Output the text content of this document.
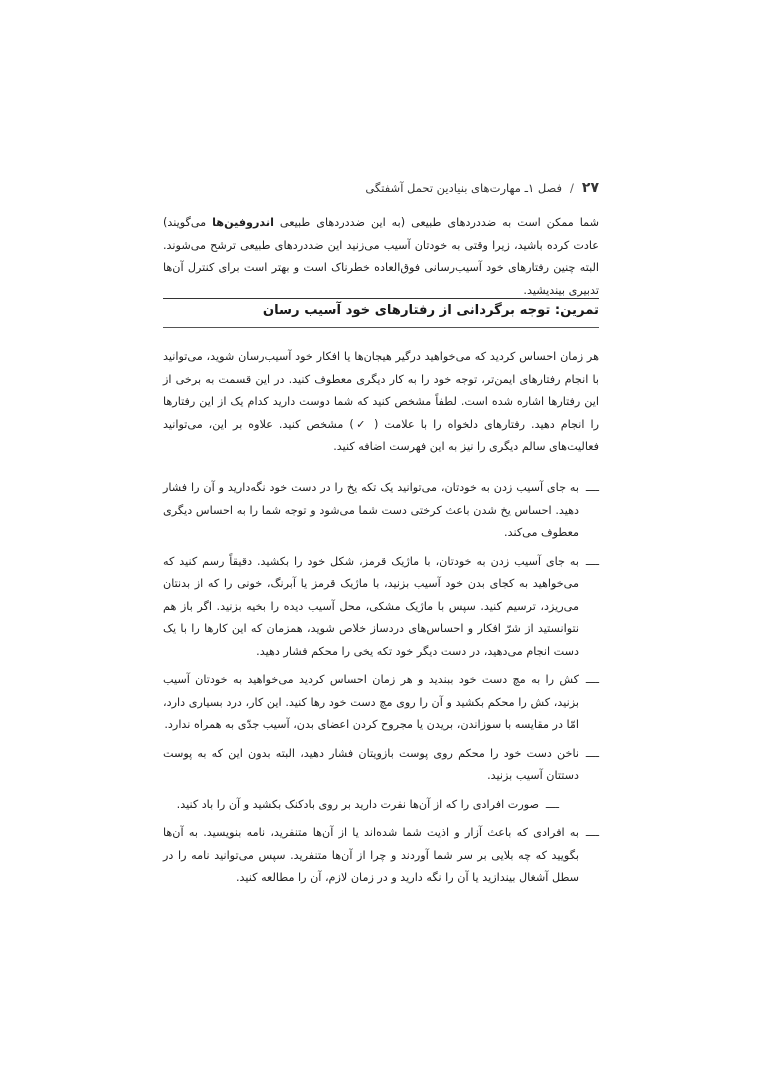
۲۷
/
فصل ۱ـ مهارت‌های بنیادین تحمل آشفتگی

شما ممکن است به ضددردهای طبیعی (به این ضددردهای طبیعی اندروفین‌ها می‌گویند) عادت کرده باشید، زیرا وقتی به خودتان آسیب می‌زنید این ضددردهای طبیعی ترشح می‌شوند. البته چنین رفتارهای خود آسیب‌رسانی فوق‌العاده خطرناک است و بهتر است برای کنترل آن‌ها تدبیری بیندیشید.

تمرین: توجه برگردانی از رفتارهای خود آسیب رسان

هر زمان احساس کردید که می‌خواهید درگیر هیجان‌ها یا افکار خود آسیب‌رسان شوید، می‌توانید با انجام رفتارهای ایمن‌تر، توجه خود را به کار دیگری معطوف کنید. در این قسمت به برخی از این رفتارها اشاره شده است. لطفاً مشخص کنید که شما دوست دارید کدام یک از این رفتارها را انجام دهید. رفتارهای دلخواه را با علامت ( ✓) مشخص کنید. علاوه بر این، می‌توانید فعالیت‌های سالم دیگری را نیز به این فهرست اضافه کنید.

ــــ
به جای آسیب زدن به خودتان، می‌توانید یک تکه یخ را در دست خود نگه‌دارید و آن را فشار دهید. احساس یخ شدن باعث کرختی دست شما می‌شود و توجه شما را به احساس دیگری معطوف می‌کند.
ــــ
به جای آسیب زدن به خودتان، با ماژیک قرمز، شکل خود را بکشید. دقیقاً رسم کنید که می‌خواهید به کجای بدن خود آسیب بزنید، با ماژیک قرمز یا آبرنگ، خونی را که از بدنتان می‌ریزد، ترسیم کنید. سپس با ماژیک مشکی، محل آسیب دیده را بخیه بزنید. اگر باز هم نتوانستید از شرّ افکار و احساس‌های دردساز خلاص شوید، همزمان که این کارها را با یک دست انجام می‌دهید، در دست دیگر خود تکه یخی را محکم فشار دهید.
ــــ
کش را به مچ دست خود ببندید و هر زمان احساس کردید می‌خواهید به خودتان آسیب بزنید، کش را محکم بکشید و آن را روی مچ دست خود رها کنید. این کار، درد بسیاری دارد، امّا در مقایسه با سوزاندن، بریدن یا مجروح کردن اعضای بدن، آسیب جدّی به همراه ندارد.
ــــ
ناخن دست خود را محکم روی پوست بازویتان فشار دهید، البته بدون این که به پوست دستتان آسیب بزنید.
ــــ
صورت افرادی را که از آن‌ها نفرت دارید بر روی بادکنک بکشید و آن را باد کنید.
ــــ
به افرادی که باعث آزار و اذیت شما شده‌اند یا از آن‌ها متنفرید، نامه بنویسید. به آن‌ها بگویید که چه بلایی بر سر شما آوردند و چرا از آن‌ها متنفرید. سپس می‌توانید نامه را در سطل آشغال بیندازید یا آن را نگه دارید و در زمان لازم، آن را مطالعه کنید.
